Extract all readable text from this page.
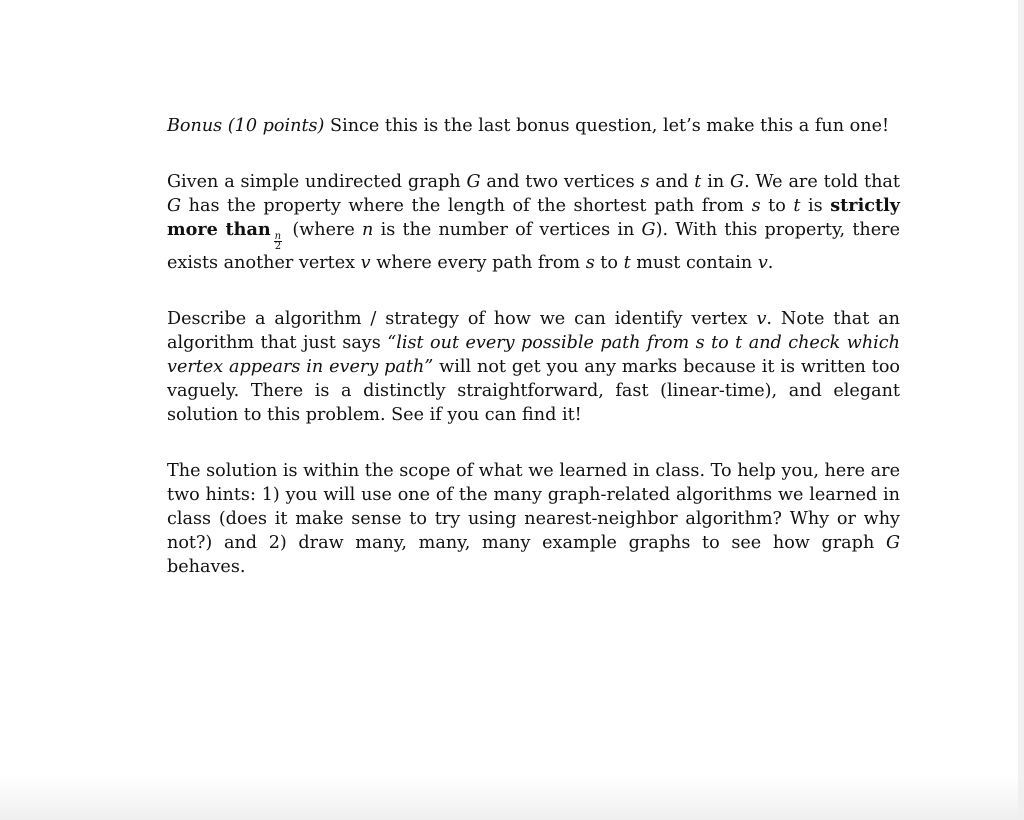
Bonus (10 points) Since this is the last bonus question, let’s make this a fun one!

Given a simple undirected graph G and two vertices s and t in G. We are told that G has the property where the length of the shortest path from s to t is strictly more than
$\frac{n}{2}$
(where n is the number of vertices in G). With this property, there exists another vertex v where every path from s to t must contain v.

Describe a algorithm / strategy of how we can identify vertex v. Note that an algorithm that just says “list out every possible path from s to t and check which vertex appears in every path” will not get you any marks because it is written too vaguely. There is a distinctly straightforward, fast (linear-time), and elegant solution to this problem. See if you can find it!

The solution is within the scope of what we learned in class. To help you, here are two hints: 1) you will use one of the many graph-related algorithms we learned in class (does it make sense to try using nearest-neighbor algorithm? Why or why not?) and 2) draw many, many, many example graphs to see how graph G behaves.
